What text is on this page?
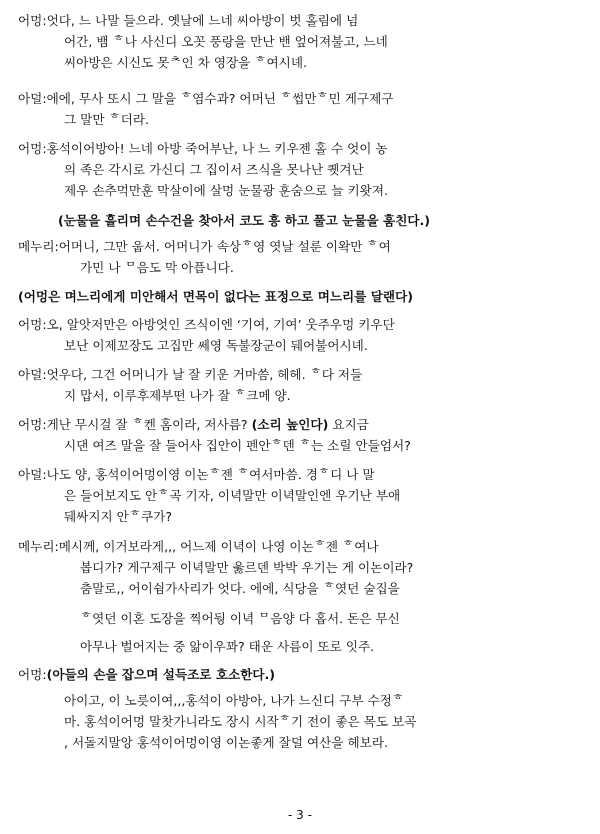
어멍:엇다, 느 나말 들으라. 옛날에 느네 씨아방이 벗 홀림에 넘
어간, 뱀 ᄒ나 사신디 오꼿 풍랑을 만난 밴 엎어져불고, 느네
씨아방은 시신도 못ᄎ인 차 영장을 ᄒ여시녜.
아덜:에에, 무사 또시 그 말을 ᄒ염수과? 어머닌 ᄒ썹만ᄒ민 게구제구
그 말만 ᄒ더라.
어멍:홍석이어방아! 느네 아방 죽어부난, 나 느 키우젠 홀 수 엇이 농
의 족은 각시로 가신디 그 집이서 즈식을 못나난 퀫겨난
제우 손추먹만훈 막살이에 살멍 눈물광 훈숨으로 늘 키왓져.
(눈물을 흘리며 손수건을 찾아서 코도 흥 하고 풀고 눈물을 훔친다.)
메누리:어머니, 그만 웁서. 어머니가 속상ᄒ영 엿날 설룬 이왁만 ᄒ여
가민 나 ᄆ음도 막 아픕니다.
(어멍은 며느리에게 미안해서 면목이 없다는 표정으로 며느리를 달랜다)
어멍:오, 알앗저만은 아방엇인 즈식이엔 ‘기여, 기여’ 웃주우멍 키우단
보난 이제꼬장도 고집만 쎄영 독불장군이 뒈어불어시녜.
아덜:엇우다, 그건 어머니가 날 잘 키운 거마씀, 헤헤. ᄒ다 저들
지 맙서, 이루후제부떤 나가 잘 ᄒ크메 양.
어멍:게난 무시걸 잘 ᄒ켄 홈이라, 저사름? (소리 높인다) 요지금
시댄 여즈 말을 잘 들어사 집안이 펜안ᄒ덴 ᄒ는 소릴 안들엄서?
아덜:나도 양, 홍석이어멍이영 이논ᄒ젠 ᄒ여서마씀. 경ᄒ디 나 말
은 들어보지도 안ᄒ곡 기자, 이녁말만 이녁말인엔 우기난 부애
뒈싸지지 안ᄒ쿠가?
메누리:메시께, 이거보라게,,, 어느제 이녁이 나영 이논ᄒ젠 ᄒ여나
봅디가? 게구제구 이녁말만 욿르덴 박박 우기는 게 이논이라?
춤말로,, 어이쉼가사리가 엇다. 에에, 식당을 ᄒ엿던 술집을
ᄒ엿던 이혼 도장을 찍어뒁 이녁 ᄆ음양 다 홉서. 돈은 무신
아무나 벌어지는 중 앎이우꽈? 태운 사름이 또로 잇주.
어멍:(아들의 손을 잡으며 설득조로 호소한다.)
아이고, 이 노릇이여,,,홍석이 아방아, 나가 느신디 구부 수정ᄒ
마. 홍석이어멍 말찻가니라도 장시 시작ᄒ기 전이 좋은 목도 보곡
, 서돌지말앙 홍석이어멍이영 이논좋게 잘덜 여산을 헤보라.
- 3 -
